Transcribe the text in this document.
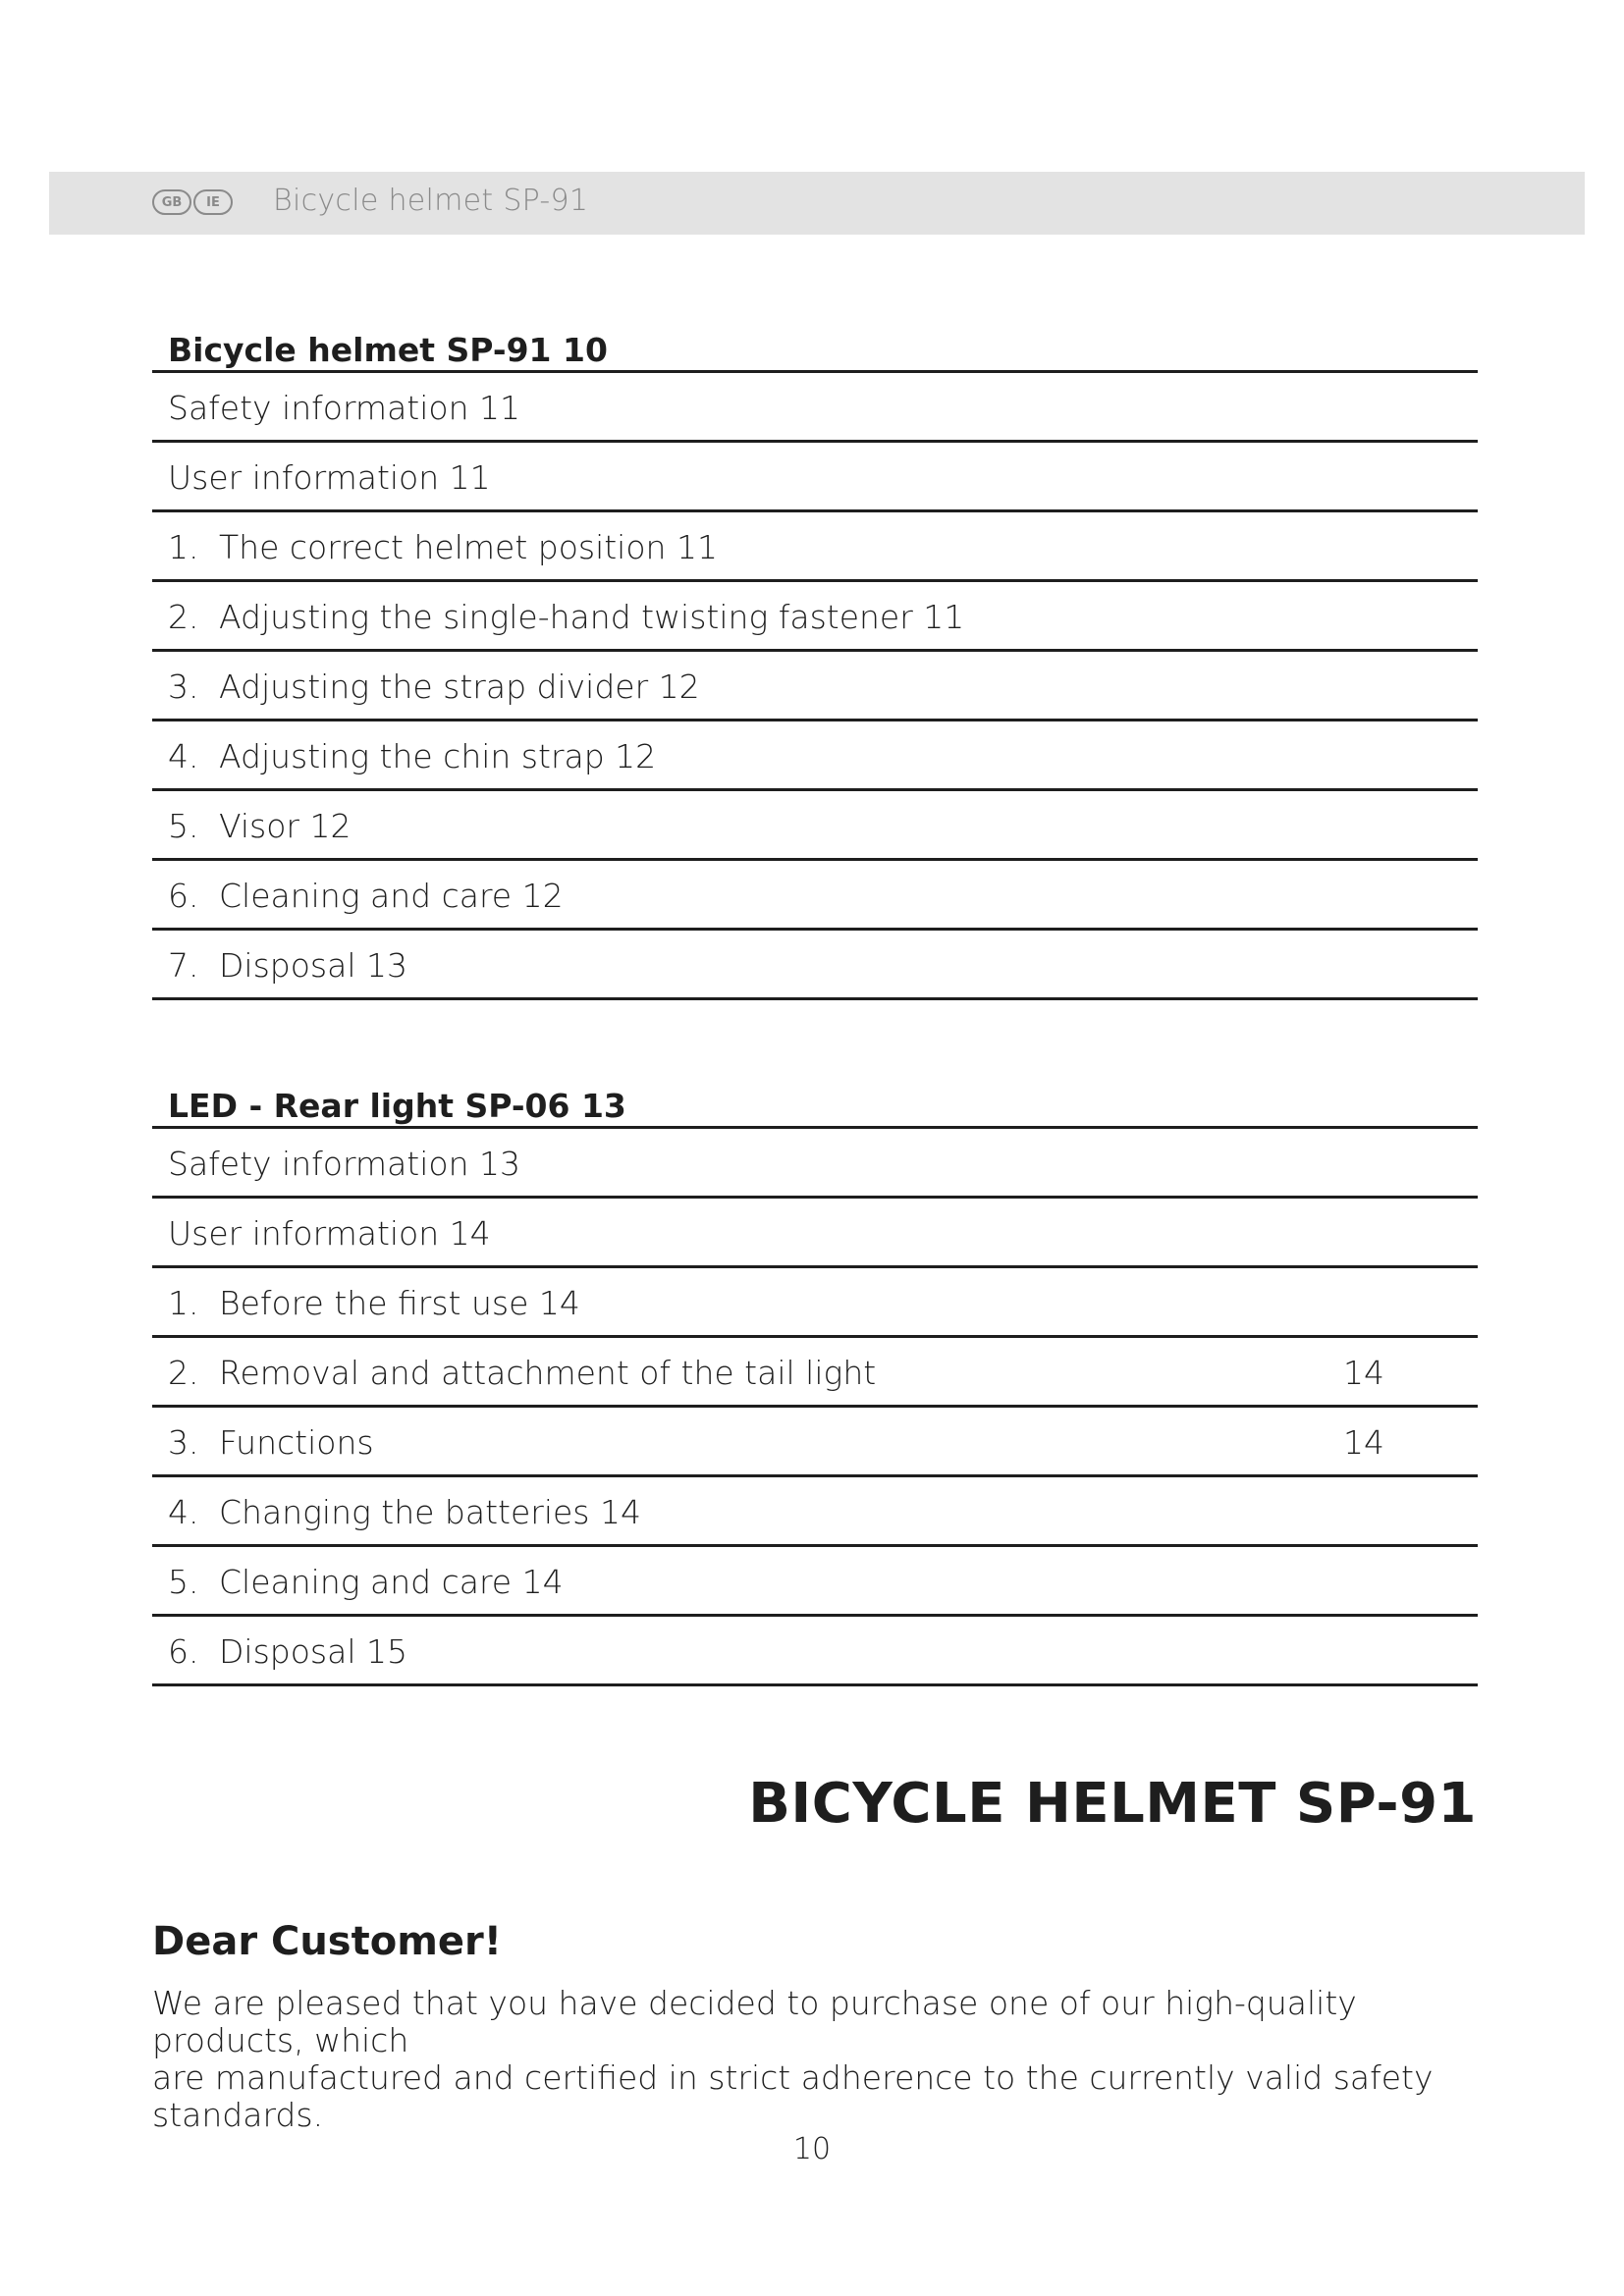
GB	IE	Bicycle helmet SP-91
Bicycle helmet SP-91 10
Safety information 11
User information 11
1. The correct helmet position 11
2. Adjusting the single-hand twisting fastener 11
3. Adjusting the strap divider 12
4. Adjusting the chin strap 12
5. Visor 12
6. Cleaning and care 12
7. Disposal 13
LED - Rear light SP-06 13
Safety information 13
User information 14
1. Before the first use 14
2. Removal and attachment of the tail light	14
3. Functions	14
4. Changing the batteries 14
5. Cleaning and care 14
6. Disposal 15
BICYCLE HELMET SP-91
Dear Customer!
We are pleased that you have decided to purchase one of our high-quality products, which
are manufactured and certified in strict adherence to the currently valid safety standards.
10
